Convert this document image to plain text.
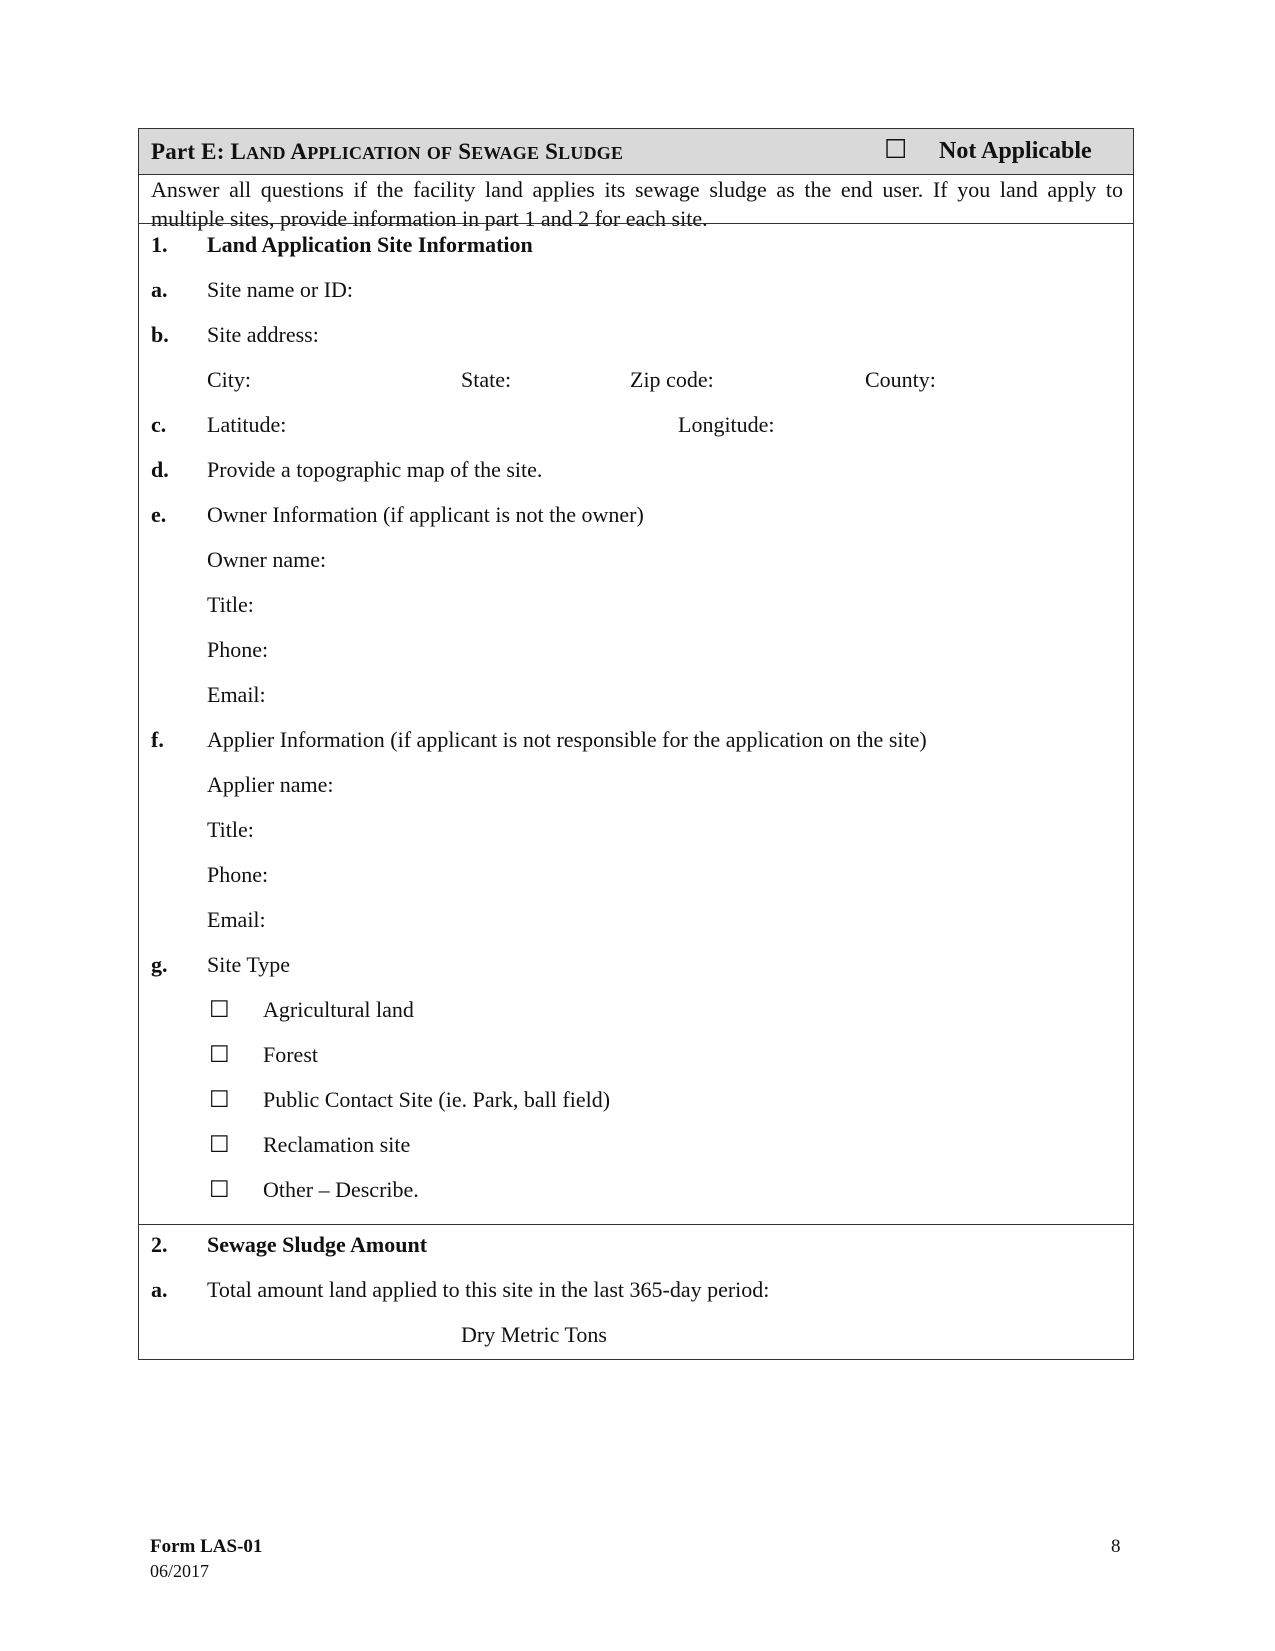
Part E: LAND APPLICATION OF SEWAGE SLUDGE	☐ Not Applicable
Answer all questions if the facility land applies its sewage sludge as the end user. If you land apply to multiple sites, provide information in part 1 and 2 for each site.
1. Land Application Site Information
a. Site name or ID:
b. Site address:
City:	State:	Zip code:	County:
c. Latitude:	Longitude:
d. Provide a topographic map of the site.
e. Owner Information (if applicant is not the owner)
Owner name:
Title:
Phone:
Email:
f. Applier Information (if applicant is not responsible for the application on the site)
Applier name:
Title:
Phone:
Email:
g. Site Type
☐ Agricultural land
☐ Forest
☐ Public Contact Site (ie. Park, ball field)
☐ Reclamation site
☐ Other – Describe.
2. Sewage Sludge Amount
a. Total amount land applied to this site in the last 365-day period:
Dry Metric Tons
Form LAS-01
06/2017
8
